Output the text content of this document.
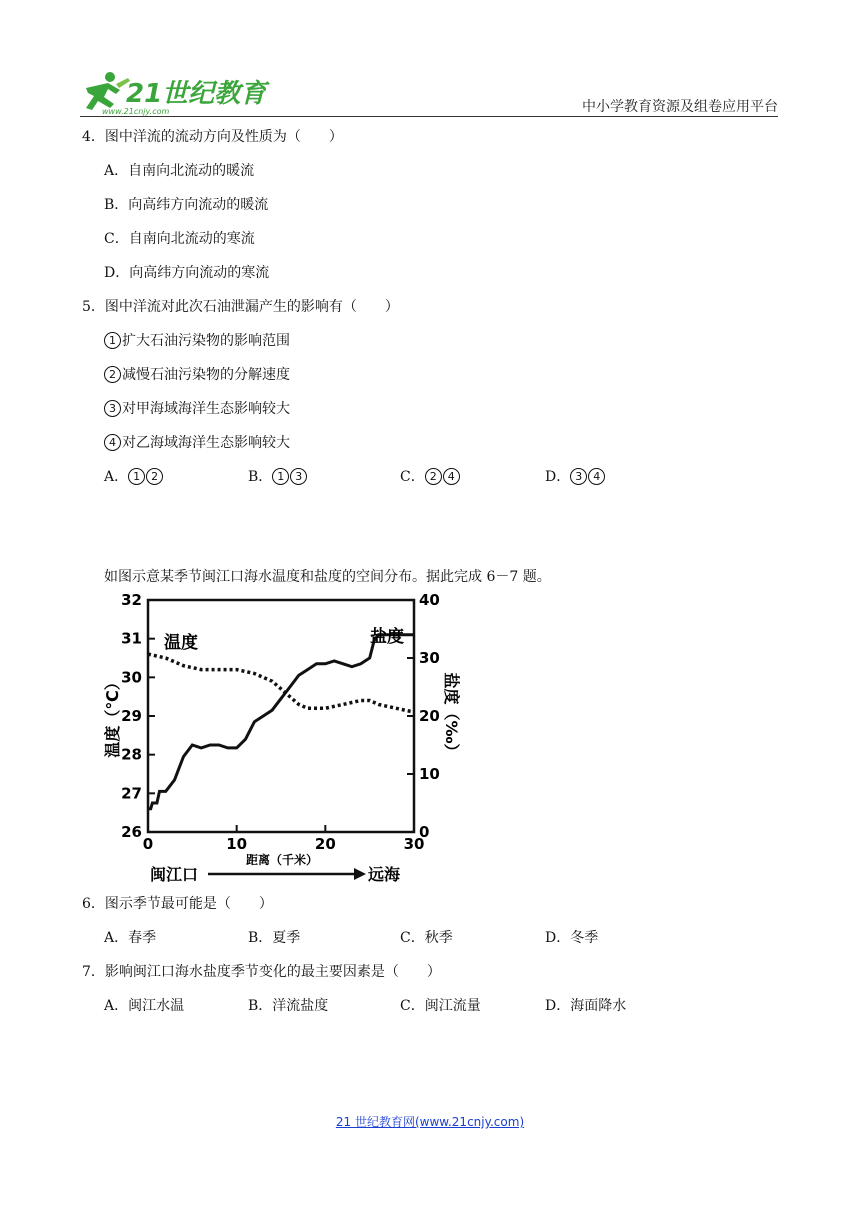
21世纪教育
www.21cnjy.com	中小学教育资源及组卷应用平台
4．图中洋流的流动方向及性质为（　　）
A．自南向北流动的暖流
B．向高纬方向流动的暖流
C．自南向北流动的寒流
D．向高纬方向流动的寒流
5．图中洋流对此次石油泄漏产生的影响有（　　）
1 扩大石油污染物的影响范围
2 减慢石油污染物的分解速度
3 对甲海域海洋生态影响较大
4 对乙海域海洋生态影响较大
A． 1 2	B． 1 3	C． 2 4	D． 3 4
如图示意某季节闽江口海水温度和盐度的空间分布。据此完成 6－7 题。
0	10	20	30
26
27
28
29
30
31
32
0
10
20
30
40
温度	盐度
温度（℃）	盐度（‰）
距离（千米）
闽江口	远海
6．图示季节最可能是（　　）
A．春季	B．夏季	C．秋季	D．冬季
7．影响闽江口海水盐度季节变化的最主要因素是（　　）
A．闽江水温	B．洋流盐度	C．闽江流量	D．海面降水
21 世纪教育网(www.21cnjy.com)
